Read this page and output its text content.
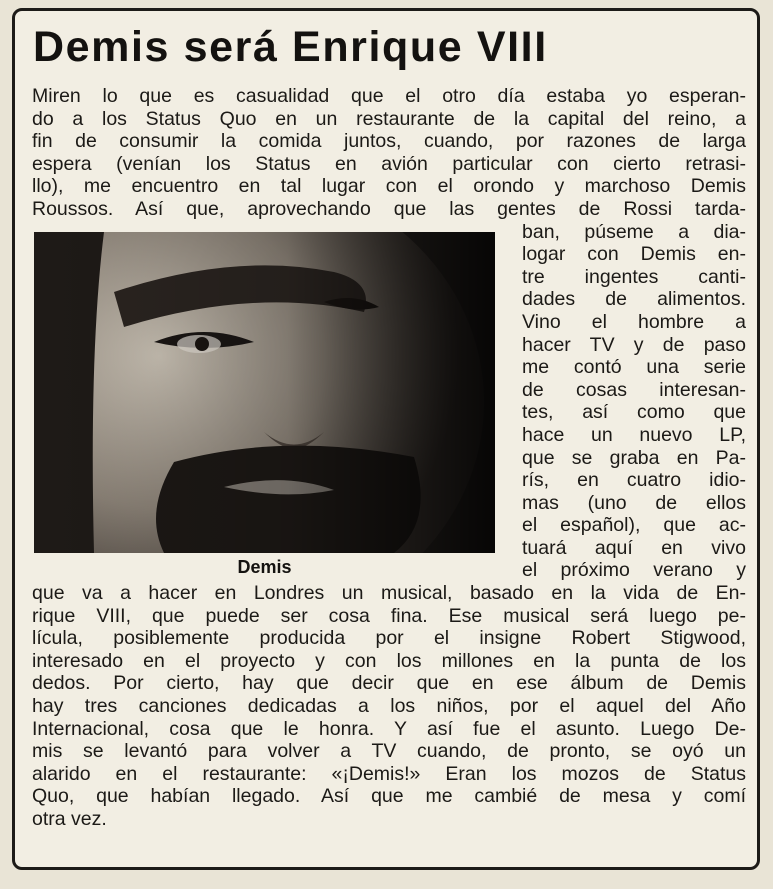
Demis será Enrique VIII
Miren lo que es casualidad que el otro día estaba yo esperan-
do a los Status Quo en un restaurante de la capital del reino, a
fin de consumir la comida juntos, cuando, por razones de larga
espera (venían los Status en avión particular con cierto retrasi-
llo), me encuentro en tal lugar con el orondo y marchoso Demis
Roussos. Así que, aprovechando que las gentes de Rossi tarda-
ban, púseme a dia-
logar con Demis en-
tre ingentes canti-
dades de alimentos.
Vino el hombre a
hacer TV y de paso
me contó una serie
de cosas interesan-
tes, así como que
hace un nuevo LP,
que se graba en Pa-
rís, en cuatro idio-
mas (uno de ellos
el español), que ac-
tuará aquí en vivo
el próximo verano y
que va a hacer en Londres un musical, basado en la vida de En-
rique VIII, que puede ser cosa fina. Ese musical será luego pe-
lícula, posiblemente producida por el insigne Robert Stigwood,
interesado en el proyecto y con los millones en la punta de los
dedos. Por cierto, hay que decir que en ese álbum de Demis
hay tres canciones dedicadas a los niños, por el aquel del Año
Internacional, cosa que le honra. Y así fue el asunto. Luego De-
mis se levantó para volver a TV cuando, de pronto, se oyó un
alarido en el restaurante: «¡Demis!» Eran los mozos de Status
Quo, que habían llegado. Así que me cambié de mesa y comí
otra vez.
Demis
